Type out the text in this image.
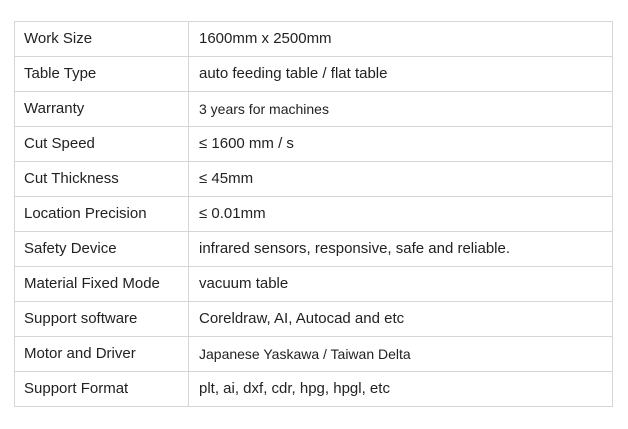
Work Size	1600mm x 2500mm
Table Type	auto feeding table / flat table
Warranty	3 years for machines
Cut Speed	≤ 1600 mm / s
Cut Thickness	≤ 45mm
Location Precision	≤ 0.01mm
Safety Device	infrared sensors, responsive, safe and reliable.
Material Fixed Mode	vacuum table
Support software	Coreldraw, AI, Autocad and etc
Motor and Driver	Japanese Yaskawa / Taiwan Delta
Support Format	plt, ai, dxf, cdr, hpg, hpgl, etc
